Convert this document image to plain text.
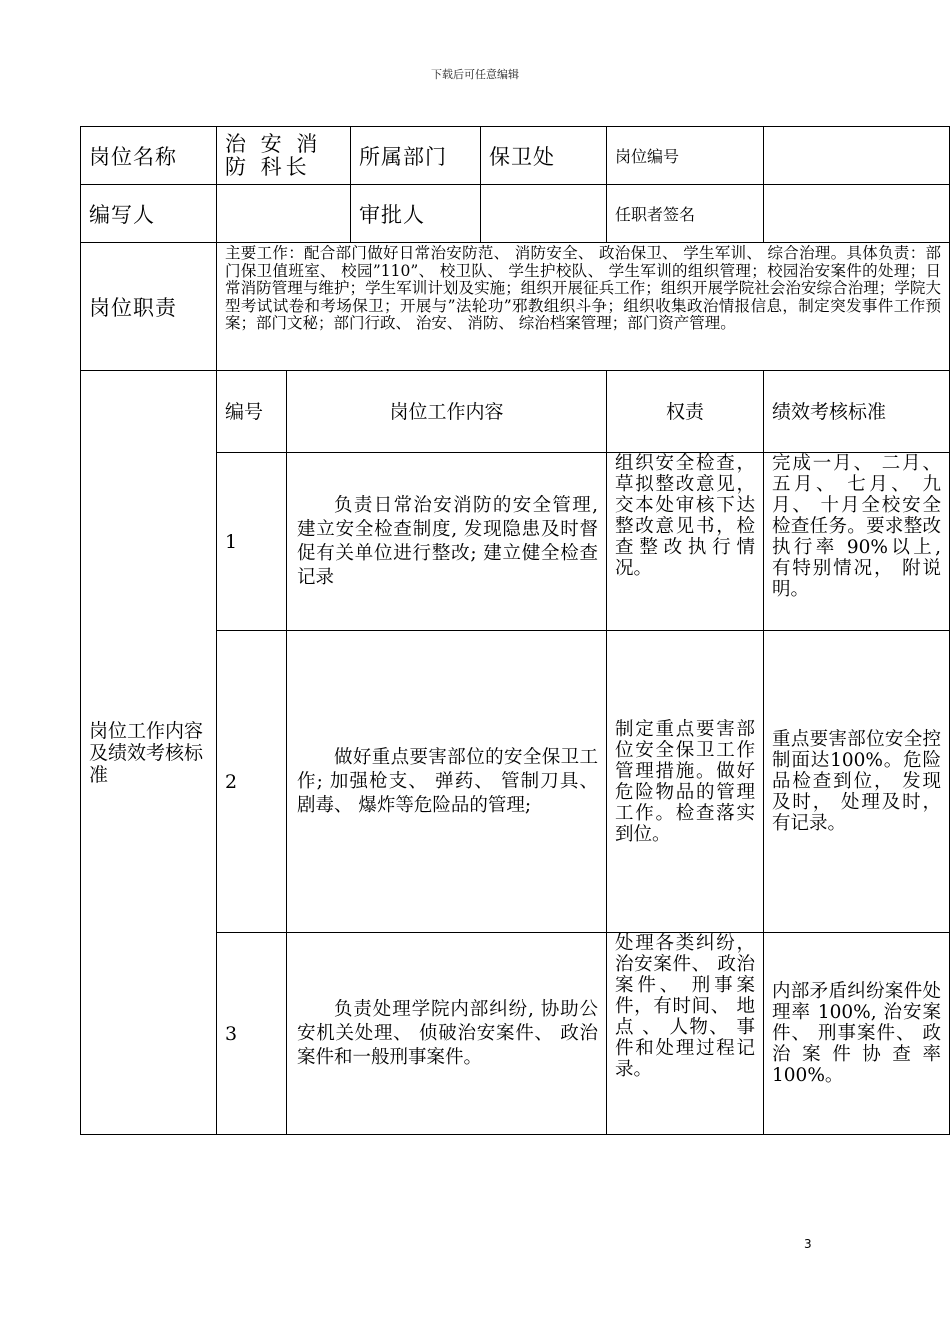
下载后可任意编辑
岗位名称	治 安 消 防 科长		所属部门	保卫处	岗位编号	
编写人			审批人		任职者签名	
岗位职责	主要工作：配合部门做好日常治安防范、 消防安全、 政治保卫、 学生军训、 综合治理。具体负责：部门保卫值班室、 校园”110”、 校卫队、 学生护校队、 学生军训的组织管理；校园治安案件的处理；日常消防管理与维护；学生军训计划及实施；组织开展征兵工作；组织开展学院社会治安综合治理；学院大型考试试卷和考场保卫；开展与”法轮功”邪教组织斗争；组织收集政治情报信息，制定突发事件工作预案；部门文秘；部门行政、 治安、 消防、 综治档案管理；部门资产管理。					
岗位工作内容及绩效考核标准	编号	岗位工作内容			权责	绩效考核标准
	1	负责日常治安消防的安全管理, 建立安全检查制度, 发现隐患及时督促有关单位进行整改; 建立健全检查记录			组织安全检查，草拟整改意见，交本处审核下达整改意见书，检查整改执行情况。	完成一月、 二月、 五月、 七月、 九月、 十月全校安全检查任务。要求整改执行率 90%以上, 有特别情况， 附说明。
	2	做好重点要害部位的安全保卫工作; 加强枪支、 弹药、 管制刀具、 剧毒、 爆炸等危险品的管理;			制定重点要害部位安全保卫工作管理措施。做好危险物品的管理工作。检查落实到位。	重点要害部位安全控制面达100%。危险品检查到位， 发现及时， 处理及时，有记录。
	3	负责处理学院内部纠纷, 协助公安机关处理、 侦破治安案件、 政治案件和一般刑事案件。			处理各类纠纷，治安案件、 政治案件、 刑事案件，有时间、 地点 、 人物、 事件和处理过程记录。	内部矛盾纠纷案件处理率 100%, 治安案件、 刑事案件、 政治案件协查率 100%。
3
